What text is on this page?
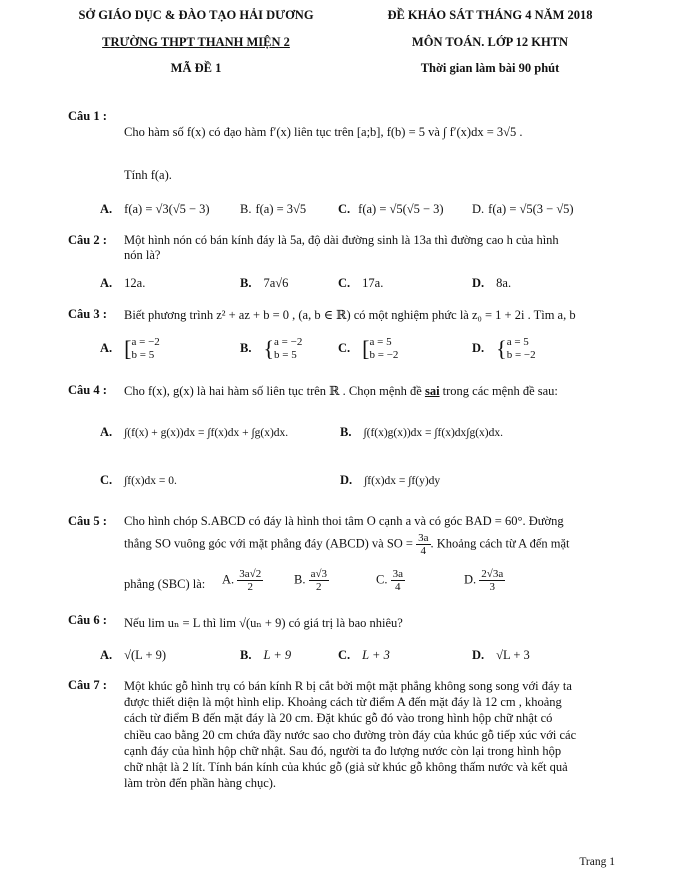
SỞ GIÁO DỤC & ĐÀO TẠO HẢI DƯƠNG
TRƯỜNG THPT THANH MIỆN 2
MÃ ĐỀ 1
ĐỀ KHẢO SÁT THÁNG 4 NĂM 2018
MÔN TOÁN. LỚP 12 KHTN
Thời gian làm bài 90 phút
Câu 1 :
Cho hàm số f(x) có đạo hàm f′(x) liên tục trên [a;b], f(b) = 5 và ∫ f′(x)dx = 3√5 .
Tính f(a).
A. f(a) = √3(√5 − 3) B. f(a) = 3√5	C. f(a) = √5(√5 − 3) D. f(a) = √5(3 − √5)
Câu 2 : Một hình nón có bán kính đáy là 5a, độ dài đường sinh là 13a thì đường cao h của hình
nón là?
A. 12a.	B. 7a√6	C. 17a.	D. 8a.
Câu 3 : Biết phương trình z² + az + b = 0 , (a, b ∈ ℝ) có một nghiệm phức là z₀ = 1 + 2i . Tìm a, b
A. [a = −2
b = 5
B. {a = −2
b = 5
C. [a = 5
b = −2
D. {a = 5
b = −2
Câu 4 : Cho f(x), g(x) là hai hàm số liên tục trên ℝ . Chọn mệnh đề sai trong các mệnh đề sau:
A. ∫(f(x) + g(x))dx = ∫f(x)dx + ∫g(x)dx.	B. ∫(f(x)g(x))dx = ∫f(x)dx∫g(x)dx.
C. ∫f(x)dx = 0.	D. ∫f(x)dx = ∫f(y)dy
Câu 5 : Cho hình chóp S.ABCD có đáy là hình thoi tâm O cạnh a và có góc BAD = 60°. Đường
thẳng SO vuông góc với mặt phẳng đáy (ABCD) và SO = $\frac{3a}{4}$ . Khoảng cách từ A đến mặt
phẳng (SBC) là: A. $\frac{3a√2}{2} B$. $\frac{a√3}{2}$	C. $\frac{3a}{4}$	D. $\frac{2√3a}{3}$
Câu 6 : Nếu lim uₙ = L thì lim √(uₙ + 9) có giá trị là bao nhiêu?
A. √(L + 9)	B. L + 9	C. L + 3	D. √L + 3
Câu 7 : Một khúc gỗ hình trụ có bán kính R bị cắt bởi một mặt phẳng không song song với đáy ta
được thiết diện là một hình elip. Khoảng cách từ điểm A đến mặt đáy là 12 cm , khoảng
cách từ điểm B đến mặt đáy là 20 cm. Đặt khúc gỗ đó vào trong hình hộp chữ nhật có
chiều cao bằng 20 cm chứa đầy nước sao cho đường tròn đáy của khúc gỗ tiếp xúc với các
cạnh đáy của hình hộp chữ nhật. Sau đó, người ta đo lượng nước còn lại trong hình hộp
chữ nhật là 2 lít. Tính bán kính của khúc gỗ (giả sử khúc gỗ không thấm nước và kết quả
làm tròn đến phần hàng chục).
Trang 1
